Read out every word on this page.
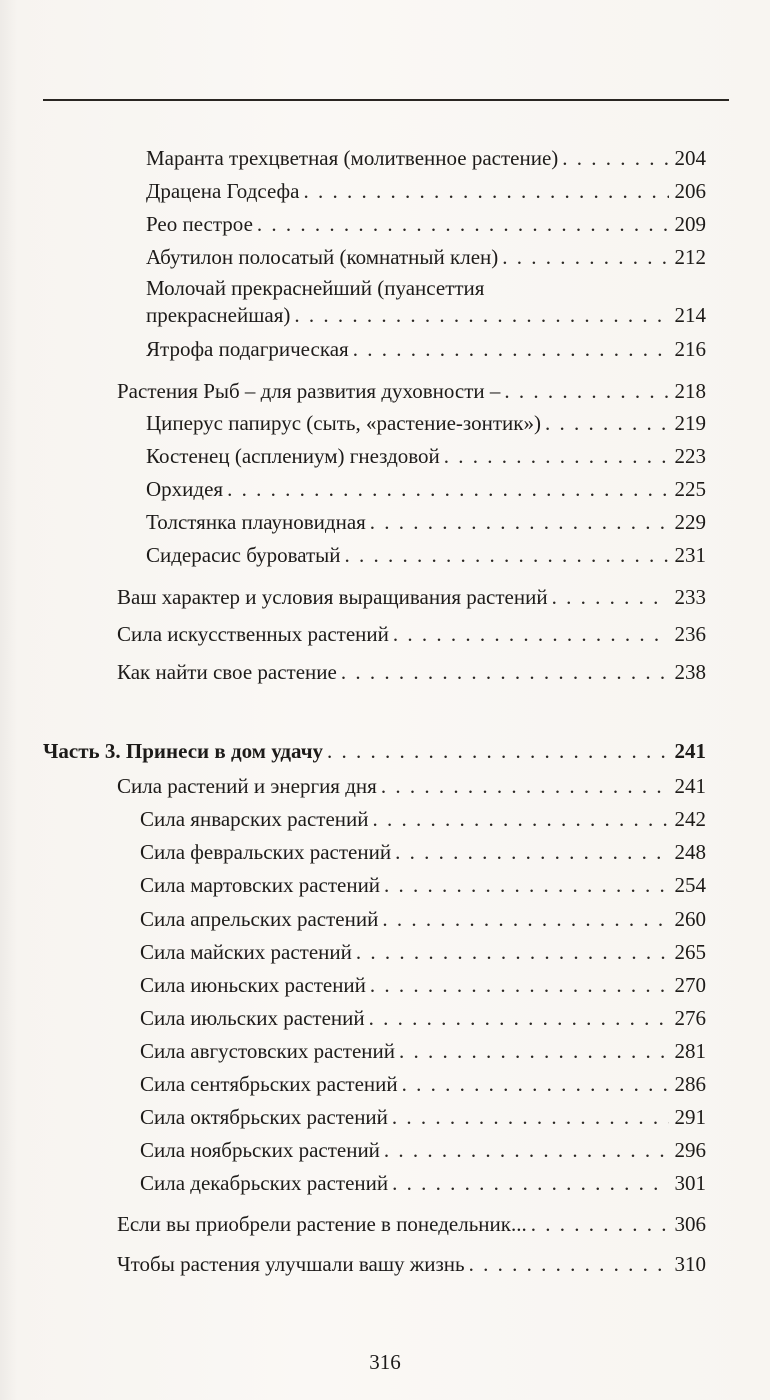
Маранта трехцветная (молитвенное растение) . . .	204
Драцена Годсефа . . .	206
Рео пестрое . . .	209
Абутилон полосатый (комнатный клен) . . .	212
Молочай прекраснейший (пуансеттия
прекраснейшая) . . .	214
Ятрофа подагрическая . . .	216
Растения Рыб – для развития духовности – . . .	218
Циперус папирус (сыть, «растение-зонтик») . . .	219
Костенец (асплениум) гнездовой . . .	223
Орхидея . . .	225
Толстянка плауновидная . . .	229
Сидерасис буроватый . . .	231
Ваш характер и условия выращивания растений . . .	233
Сила искусственных растений . . .	236
Как найти свое растение . . .	238
Часть 3. Принеси в дом удачу . . .	241
Сила растений и энергия дня . . .	241
Сила январских растений . . .	242
Сила февральских растений . . .	248
Сила мартовских растений . . .	254
Сила апрельских растений . . .	260
Сила майских растений . . .	265
Сила июньских растений . . .	270
Сила июльских растений . . .	276
Сила августовских растений . . .	281
Сила сентябрьских растений . . .	286
Сила октябрьских растений . . .	291
Сила ноябрьских растений . . .	296
Сила декабрьских растений . . .	301
Если вы приобрели растение в понедельник... . . .	306
Чтобы растения улучшали вашу жизнь . . .	310
316
